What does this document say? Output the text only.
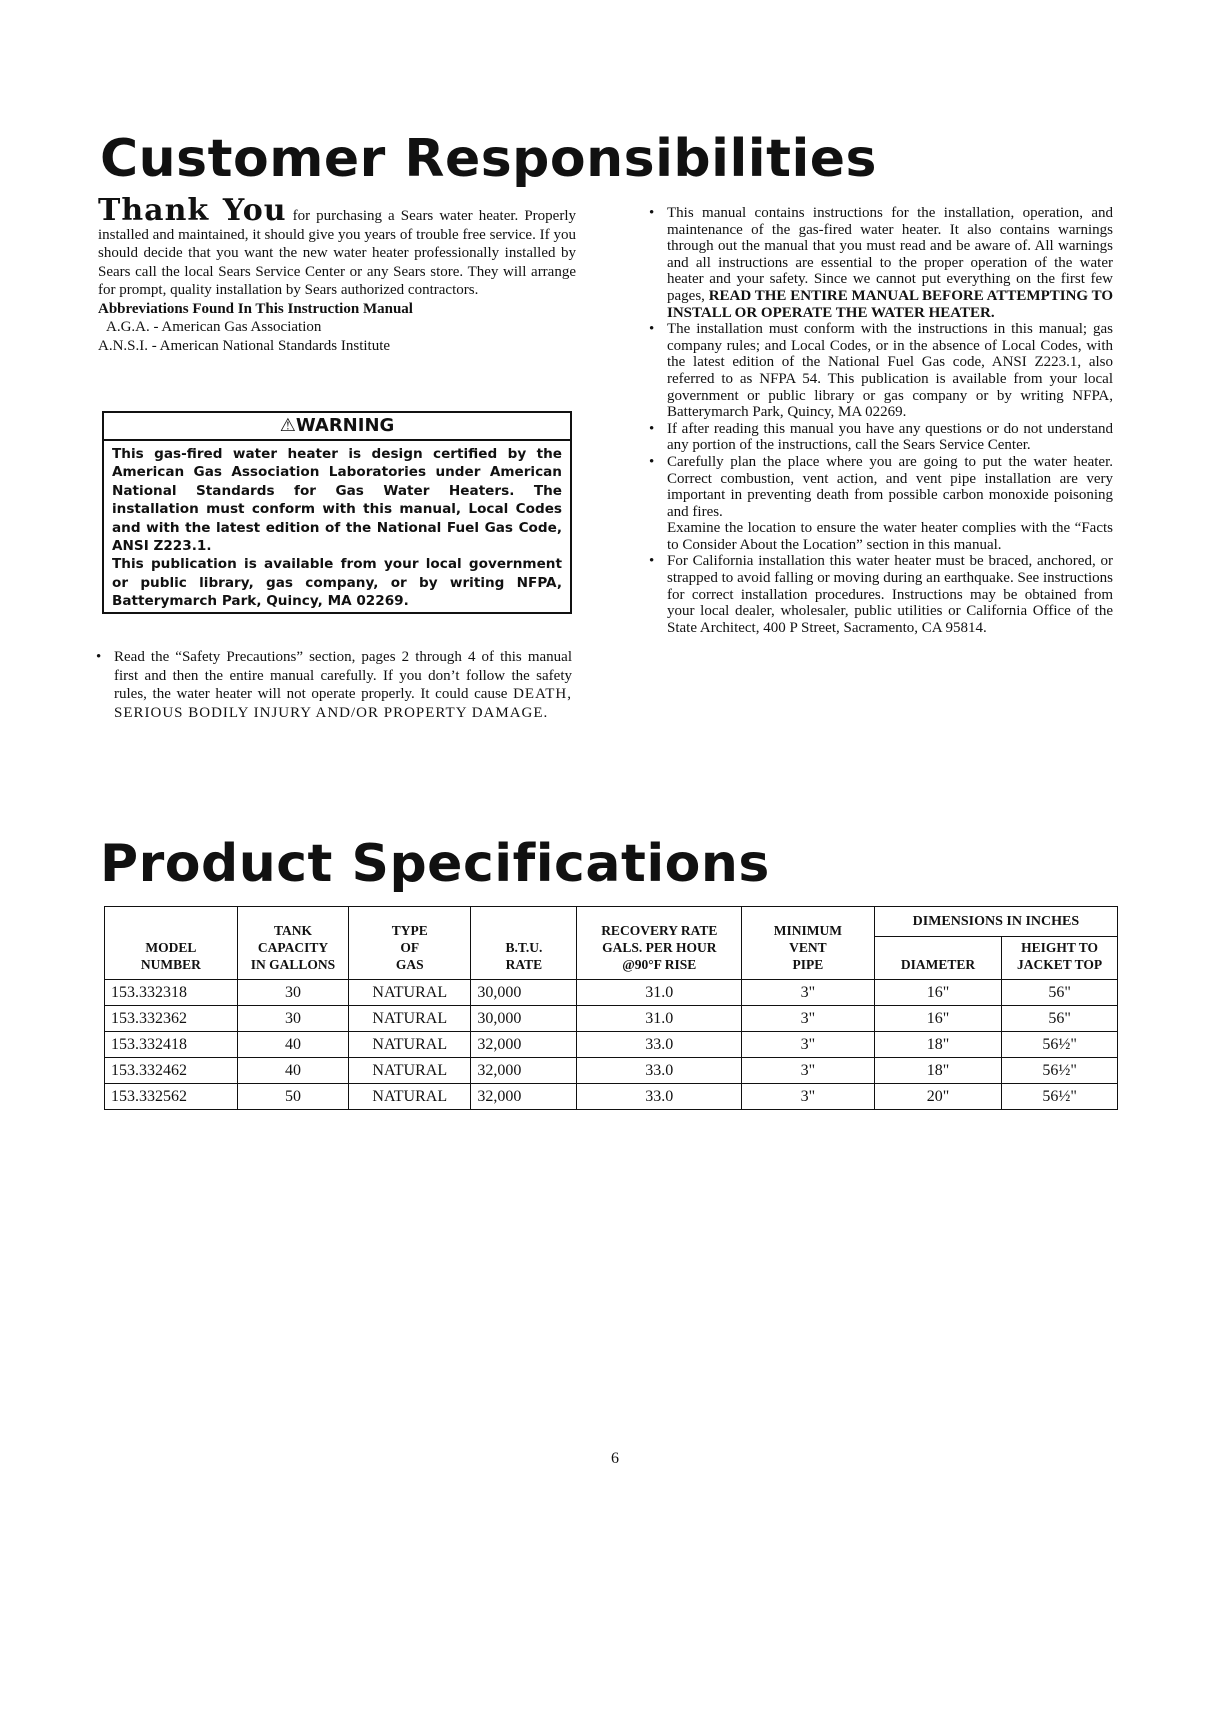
Customer Responsibilities

Thank You for purchasing a Sears water heater. Properly installed and maintained, it should give you years of trouble free service. If you should decide that you want the new water heater professionally installed by Sears call the local Sears Service Center or any Sears store. They will arrange for prompt, quality installation by Sears authorized contractors.

Abbreviations Found In This Instruction Manual

A.G.A. - American Gas Association

A.N.S.I. - American National Standards Institute

⚠WARNING

This gas-fired water heater is design certified by the American Gas Association Laboratories under American National Standards for Gas Water Heaters. The installation must conform with this manual, Local Codes and with the latest edition of the National Fuel Gas Code, ANSI Z223.1.

This publication is available from your local government or public library, gas company, or by writing NFPA, Batterymarch Park, Quincy, MA 02269.

• Read the “Safety Precautions” section, pages 2 through 4 of this manual first and then the entire manual carefully. If you don’t follow the safety rules, the water heater will not operate properly. It could cause DEATH, SERIOUS BODILY INJURY AND/OR PROPERTY DAMAGE.
• This manual contains instructions for the installation, operation, and maintenance of the gas-fired water heater. It also contains warnings through out the manual that you must read and be aware of. All warnings and all instructions are essential to the proper operation of the water heater and your safety. Since we cannot put everything on the first few pages, READ THE ENTIRE MANUAL BEFORE ATTEMPTING TO INSTALL OR OPERATE THE WATER HEATER.
• The installation must conform with the instructions in this manual; gas company rules; and Local Codes, or in the absence of Local Codes, with the latest edition of the National Fuel Gas code, ANSI Z223.1, also referred to as NFPA 54. This publication is available from your local government or public library or gas company or by writing NFPA, Batterymarch Park, Quincy, MA 02269.
• If after reading this manual you have any questions or do not understand any portion of the instructions, call the Sears Service Center.
• Carefully plan the place where you are going to put the water heater. Correct combustion, vent action, and vent pipe installation are very important in preventing death from possible carbon monoxide poisoning and fires.
Examine the location to ensure the water heater complies with the “Facts to Consider About the Location” section in this manual.
• For California installation this water heater must be braced, anchored, or strapped to avoid falling or moving during an earthquake. See instructions for correct installation procedures. Instructions may be obtained from your local dealer, wholesaler, public utilities or California Office of the State Architect, 400 P Street, Sacramento, CA 95814.
Product Specifications
MODEL
NUMBER	TANK
CAPACITY
IN GALLONS	TYPE
OF
GAS	B.T.U.
RATE	RECOVERY RATE
GALS. PER HOUR
@90°F RISE	MINIMUM
VENT
PIPE	DIMENSIONS IN INCHES	
						DIAMETER	HEIGHT TO
JACKET TOP
153.332318	30	NATURAL	30,000	31.0	3"	16"	56"
153.332362	30	NATURAL	30,000	31.0	3"	16"	56"
153.332418	40	NATURAL	32,000	33.0	3"	18"	56½"
153.332462	40	NATURAL	32,000	33.0	3"	18"	56½"
153.332562	50	NATURAL	32,000	33.0	3"	20"	56½"
6
